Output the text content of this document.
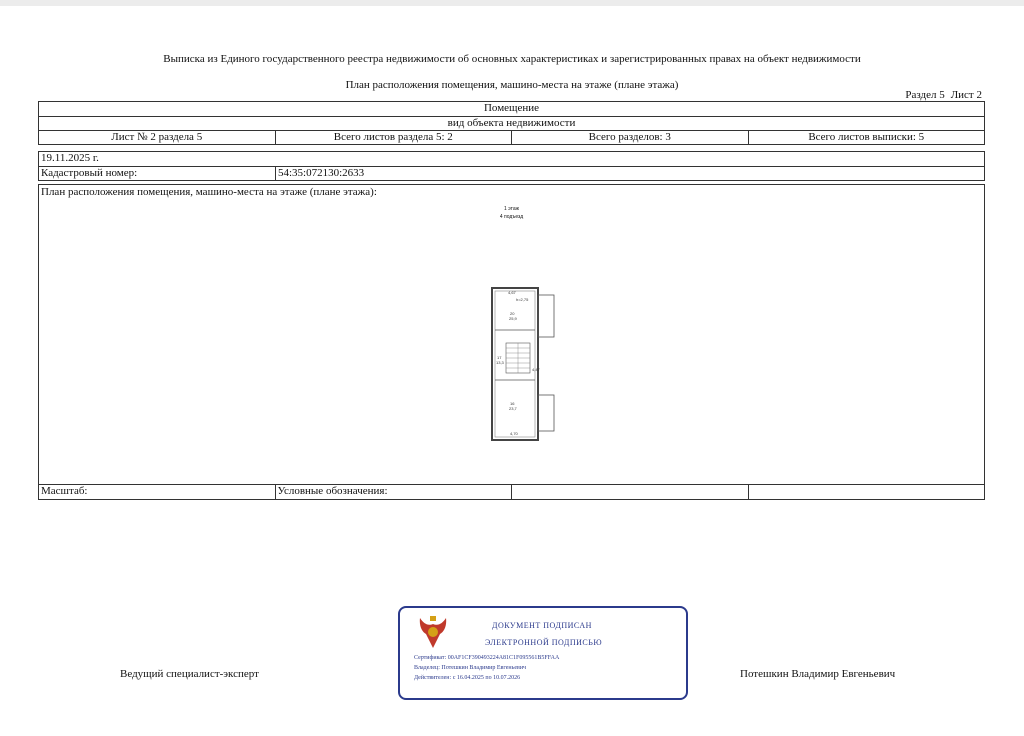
Выписка из Единого государственного реестра недвижимости об основных характеристиках и зарегистрированных правах на объект недвижимости
План расположения помещения, машино-места на этаже (плане этажа)
Раздел 5 Лист 2
Помещение
вид объекта недвижимости
Лист № 2 раздела 5	Всего листов раздела 5: 2	Всего разделов: 3	Всего листов выписки: 5
19.11.2025 г.
Кадастровый номер:	54:35:072130:2633
План расположения помещения, машино-места на этаже (плане этажа):
1 этаж
4 подъезд
4,67
h=2,75
20
25,9
17
13,3
4,47
16
23,7
4,70
Масштаб:	Условные обозначения:
Ведущий специалист-эксперт
ДОКУМЕНТ ПОДПИСАН
ЭЛЕКТРОННОЙ ПОДПИСЬЮ
Сертификат: 00AF1CF390493224A81C1F095561B5FFAA
Владелец: Потешкин Владимир Евгеньевич
Действителен: с 16.04.2025 по 10.07.2026	Потешкин Владимир Евгеньевич
